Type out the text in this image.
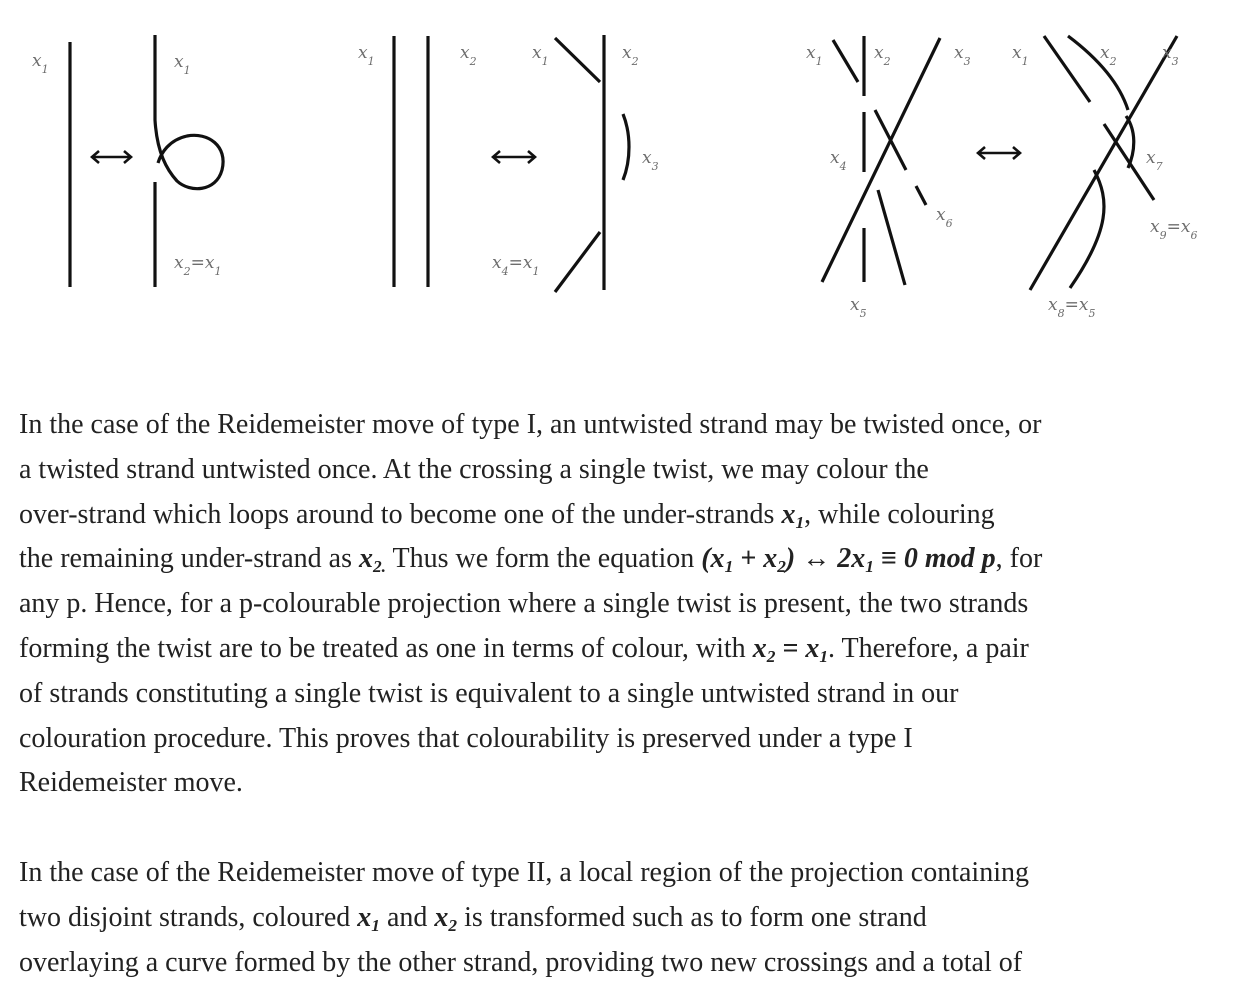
$x_1$	$x_1$
$x_2=x_1$
$x_1$	$x_2$	$x_1$	$x_2$
$x_3$
$x_4=x_1$
$x_1$	$x_2$	$x_3$
$x_4$
$x_6$
$x_5$
$x_1$	$x_2$	$x_3$
$x_7$
$x_9=x_6$
$x_8=x_5$
In the case of the Reidemeister move of type I, an untwisted strand may be twisted once, or
a twisted strand untwisted once. At the crossing a single twist, we may colour the
over-strand which loops around to become one of the under-strands $x_1$, while colouring
the remaining under-strand as $x_{2.}$ Thus we form the equation $(x_1 + x_2)$ ↔ $2x_1 \equiv 0$ mod p, for
any p. Hence, for a p-colourable projection where a single twist is present, the two strands
forming the twist are to be treated as one in terms of colour, with $x_2 = x_1$. Therefore, a pair
of strands constituting a single twist is equivalent to a single untwisted strand in our
colouration procedure. This proves that colourability is preserved under a type I
Reidemeister move.
In the case of the Reidemeister move of type II, a local region of the projection containing
two disjoint strands, coloured $x_1$ and $x_2$ is transformed such as to form one strand
overlaying a curve formed by the other strand, providing two new crossings and a total of
